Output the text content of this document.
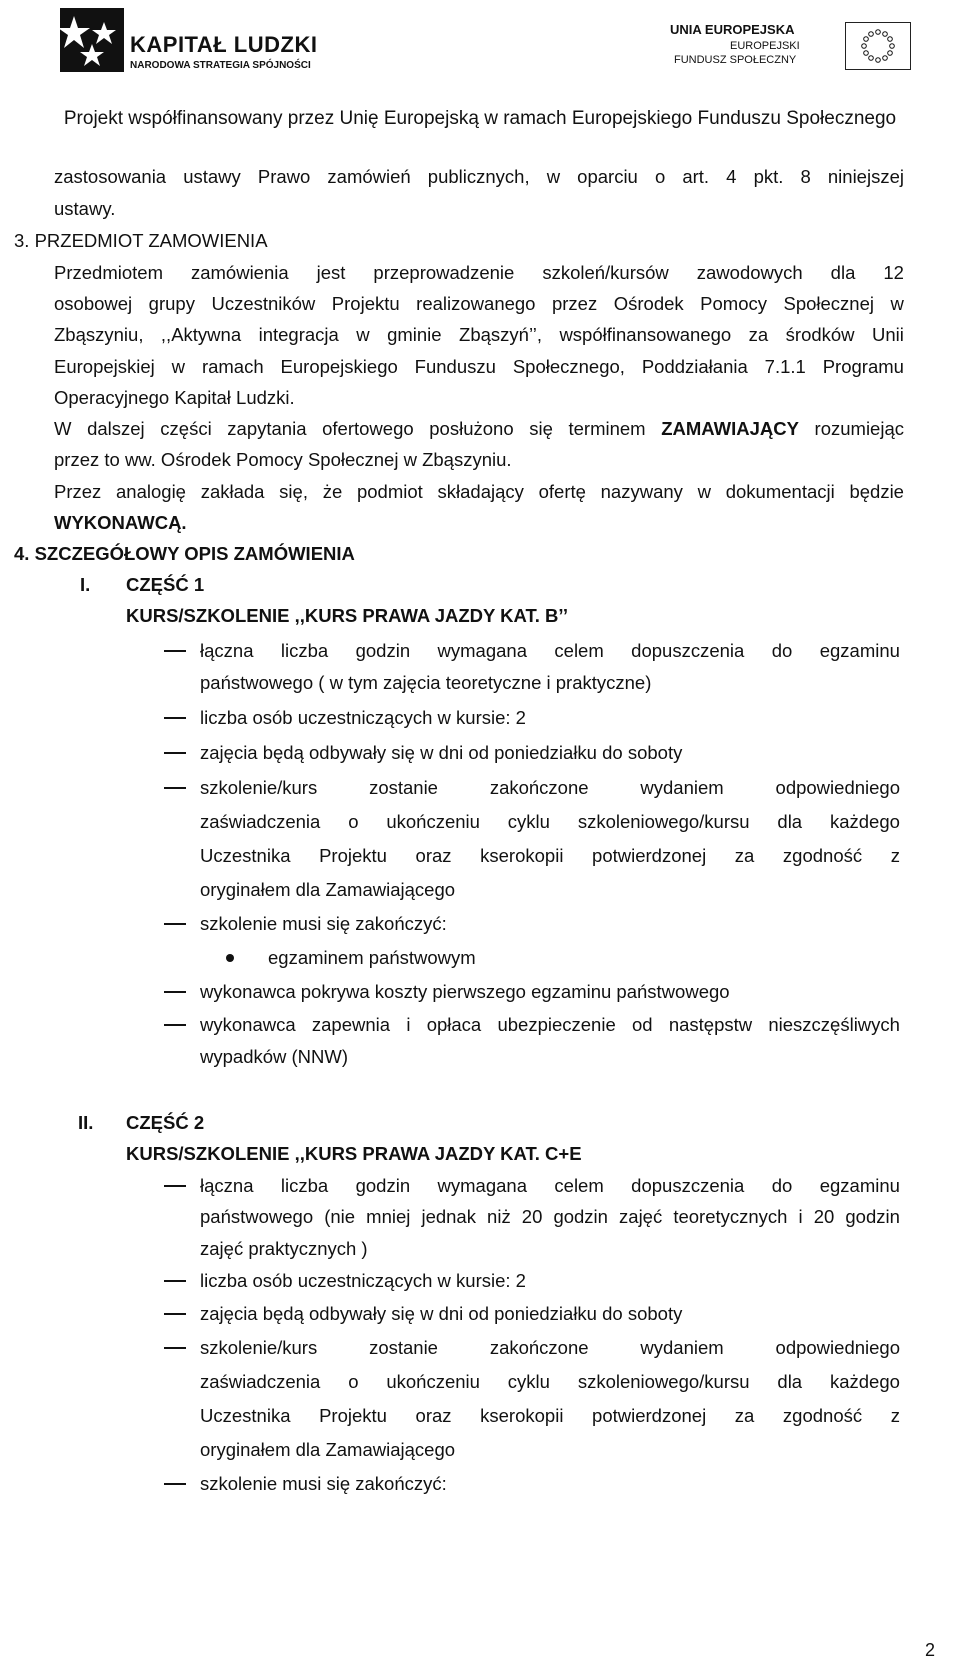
KAPITAŁ LUDZKI
NARODOWA STRATEGIA SPÓJNOŚCI
UNIA EUROPEJSKA
EUROPEJSKI
FUNDUSZ SPOŁECZNY
Projekt współfinansowany przez Unię Europejską w ramach Europejskiego Funduszu Społecznego
zastosowania ustawy Prawo zamówień publicznych, w oparciu o art. 4 pkt. 8 niniejszej
ustawy.
3. PRZEDMIOT ZAMOWIENIA
Przedmiotem zamówienia jest przeprowadzenie szkoleń/kursów zawodowych dla 12
osobowej grupy Uczestników Projektu realizowanego przez Ośrodek Pomocy Społecznej w
Zbąszyniu, ,,Aktywna integracja w gminie Zbąszyń’’, współfinansowanego za środków Unii
Europejskiej w ramach Europejskiego Funduszu Społecznego, Poddziałania 7.1.1 Programu
Operacyjnego Kapitał Ludzki.
W dalszej części zapytania ofertowego posłużono się terminem ZAMAWIAJĄCY rozumiejąc
przez to ww. Ośrodek Pomocy Społecznej w Zbąszyniu.
Przez analogię zakłada się, że podmiot składający ofertę nazywany w dokumentacji będzie
WYKONAWCĄ.
4. SZCZEGÓŁOWY OPIS ZAMÓWIENIA
I. CZĘŚĆ 1
KURS/SZKOLENIE ,,KURS PRAWA JAZDY KAT. B’’
łączna liczba godzin wymagana celem dopuszczenia do egzaminu
państwowego ( w tym zajęcia teoretyczne i praktyczne)
liczba osób uczestniczących w kursie: 2
zajęcia będą odbywały się w dni od poniedziałku do soboty
szkolenie/kurs	zostanie	zakończone	wydaniem	odpowiedniego
zaświadczenia o ukończeniu cyklu szkoleniowego/kursu dla każdego
Uczestnika Projektu oraz kserokopii potwierdzonej za zgodność z
oryginałem dla Zamawiającego
szkolenie musi się zakończyć:
egzaminem państwowym
wykonawca pokrywa koszty pierwszego egzaminu państwowego
wykonawca zapewnia i opłaca ubezpieczenie od następstw nieszczęśliwych
wypadków (NNW)
II. CZĘŚĆ 2
KURS/SZKOLENIE ,,KURS PRAWA JAZDY KAT. C+E
łączna liczba godzin wymagana celem dopuszczenia do egzaminu
państwowego (nie mniej jednak niż 20 godzin zajęć teoretycznych i 20 godzin
zajęć praktycznych )
liczba osób uczestniczących w kursie: 2
zajęcia będą odbywały się w dni od poniedziałku do soboty
szkolenie/kurs	zostanie	zakończone	wydaniem	odpowiedniego
zaświadczenia o ukończeniu cyklu szkoleniowego/kursu dla każdego
Uczestnika Projektu oraz kserokopii potwierdzonej za zgodność z
oryginałem dla Zamawiającego
szkolenie musi się zakończyć:
2
